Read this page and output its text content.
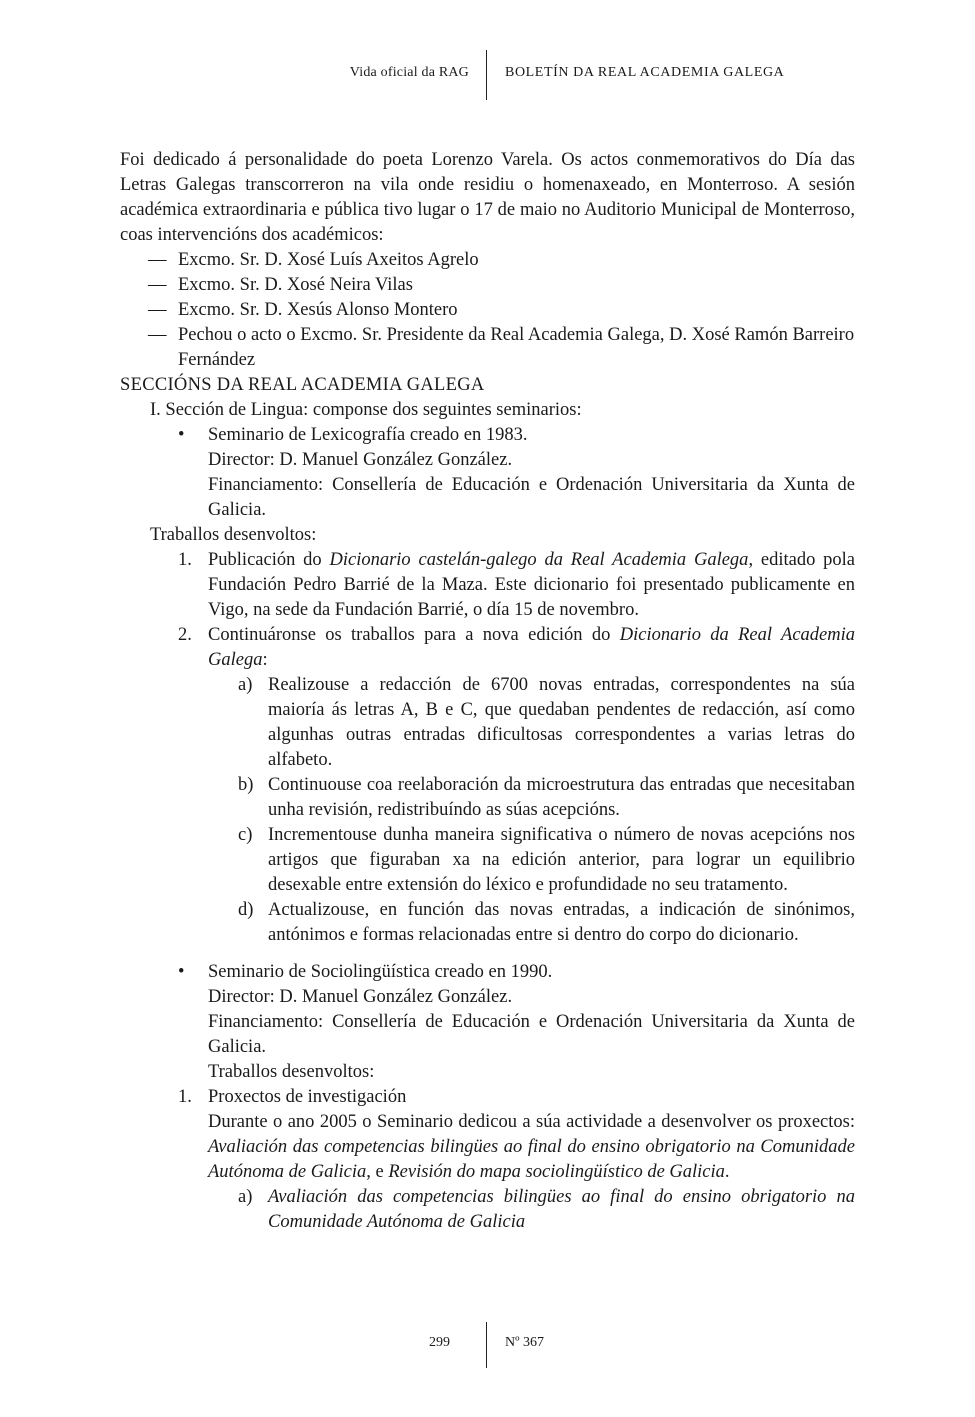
Vida oficial da RAG	BOLETÍN DA REAL ACADEMIA GALEGA

Foi dedicado á personalidade do poeta Lorenzo Varela. Os actos conmemorativos do Día das Letras Galegas transcorreron na vila onde residiu o homenaxeado, en Monterroso. A sesión académica extraordinaria e pública tivo lugar o 17 de maio no Auditorio Municipal de Monterroso, coas intervencións dos académicos:

— Excmo. Sr. D. Xosé Luís Axeitos Agrelo
— Excmo. Sr. D. Xosé Neira Vilas
— Excmo. Sr. D. Xesús Alonso Montero
— Pechou o acto o Excmo. Sr. Presidente da Real Academia Galega, D. Xosé Ramón Barreiro Fernández

SECCIÓNS DA REAL ACADEMIA GALEGA

I. Sección de Lingua: componse dos seguintes seminarios:

• Seminario de Lexicografía creado en 1983.

Director: D. Manuel González González.

Financiamento: Consellería de Educación e Ordenación Universitaria da Xunta de Galicia.

Traballos desenvoltos:

1. Publicación do Dicionario castelán-galego da Real Academia Galega, editado pola Fundación Pedro Barrié de la Maza. Este dicionario foi presentado publicamente en Vigo, na sede da Fundación Barrié, o día 15 de novembro.
2. Continuáronse os traballos para a nova edición do Dicionario da Real Academia Galega:
a) Realizouse a redacción de 6700 novas entradas, correspondentes na súa maioría ás letras A, B e C, que quedaban pendentes de redacción, así como algunhas outras entradas dificultosas correspondentes a varias letras do alfabeto.
b) Continuouse coa reelaboración da microestrutura das entradas que necesitaban unha revisión, redistribuíndo as súas acepcións.
c) Incrementouse dunha maneira significativa o número de novas acepcións nos artigos que figuraban xa na edición anterior, para lograr un equilibrio desexable entre extensión do léxico e profundidade no seu tratamento.
d) Actualizouse, en función das novas entradas, a indicación de sinónimos, antónimos e formas relacionadas entre si dentro do corpo do dicionario.
• Seminario de Sociolingüística creado en 1990.

Director: D. Manuel González González.

Financiamento: Consellería de Educación e Ordenación Universitaria da Xunta de Galicia.

Traballos desenvoltos:

1. Proxectos de investigación

Durante o ano 2005 o Seminario dedicou a súa actividade a desenvolver os proxectos: Avaliación das competencias bilingües ao final do ensino obrigatorio na Comunidade Autónoma de Galicia, e Revisión do mapa sociolingüístico de Galicia.

a) Avaliación das competencias bilingües ao final do ensino obrigatorio na Comunidade Autónoma de Galicia
299	Nº 367
